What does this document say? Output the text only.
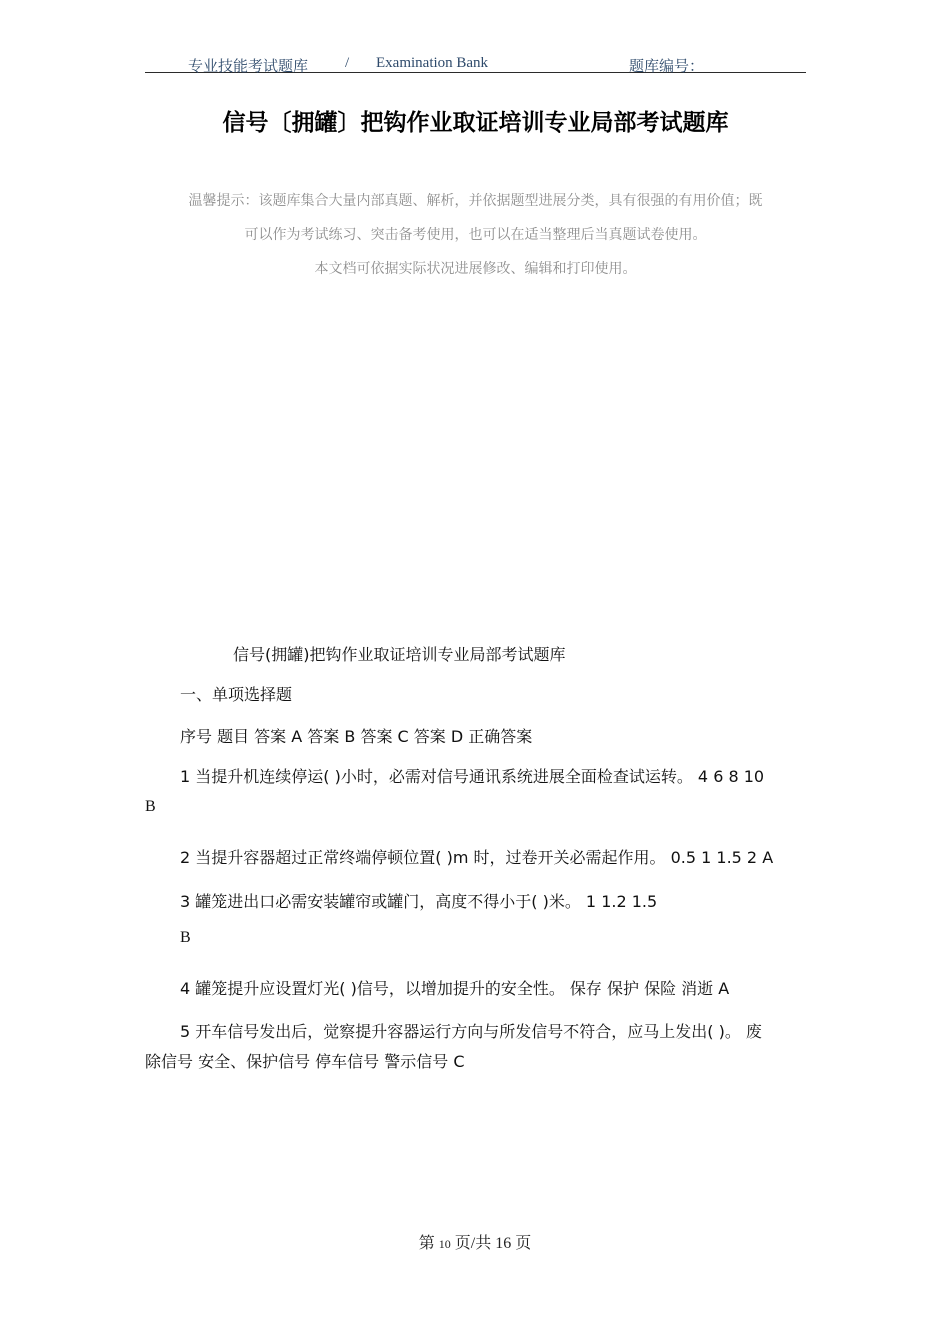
专业技能考试题库 / Examination Bank	题库编号：
信号〔拥罐〕把钩作业取证培训专业局部考试题库
温馨提示：该题库集合大量内部真题、解析，并依据题型进展分类，具有很强的有用价值；既
可以作为考试练习、突击备考使用，也可以在适当整理后当真题试卷使用。
本文档可依据实际状况进展修改、编辑和打印使用。
信号(拥罐)把钩作业取证培训专业局部考试题库
一、单项选择题
序号 题目 答案 A 答案 B 答案 C 答案 D 正确答案
1 当提升机连续停运( )小时，必需对信号通讯系统进展全面检查试运转。 4 6 8 10
B
2 当提升容器超过正常终端停顿位置( )m 时，过卷开关必需起作用。 0.5 1 1.5 2 A
3 罐笼进出口必需安装罐帘或罐门，高度不得小于( )米。 1 1.2 1.5
B
4 罐笼提升应设置灯光( )信号，以增加提升的安全性。 保存 保护 保险 消逝 A
5 开车信号发出后，觉察提升容器运行方向与所发信号不符合，应马上发出( )。 废
除信号 安全、保护信号 停车信号 警示信号 C
第 10 页/共 16 页
